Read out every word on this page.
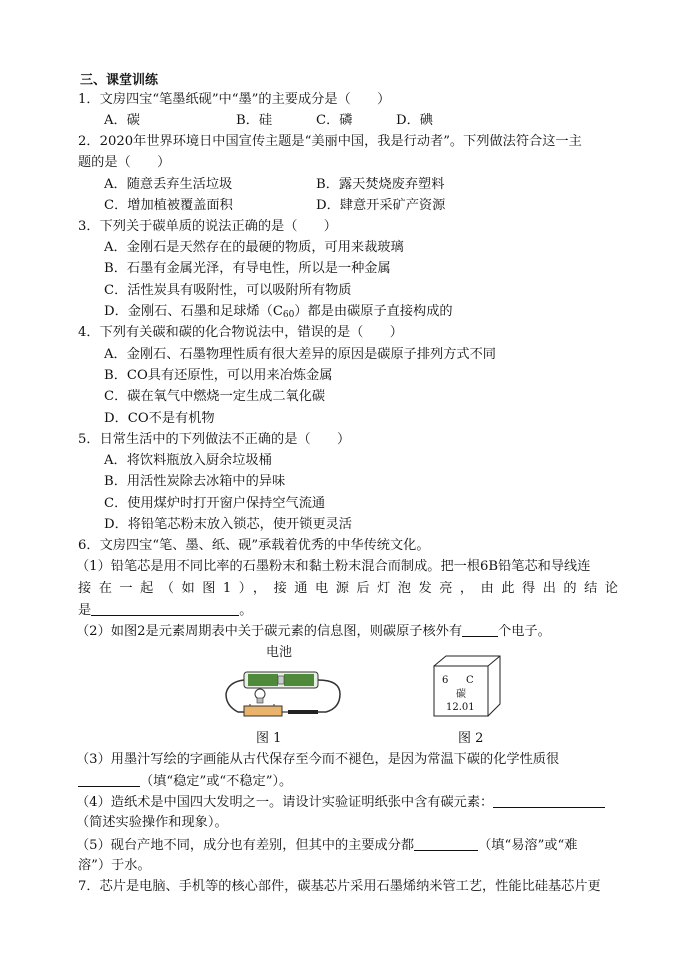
三、课堂训练
1．文房四宝“笔墨纸砚”中“墨”的主要成分是（　　）
A．碳	B．硅	C．磷	D．碘
2．2020年世界环境日中国宣传主题是“美丽中国，我是行动者”。下列做法符合这一主
题的是（　　）
A．随意丢弃生活垃圾	B．露天焚烧废弃塑料
C．增加植被覆盖面积	D．肆意开采矿产资源
3．下列关于碳单质的说法正确的是（　　）
A．金刚石是天然存在的最硬的物质，可用来裁玻璃
B．石墨有金属光泽，有导电性，所以是一种金属
C．活性炭具有吸附性，可以吸附所有物质
D．金刚石、石墨和足球烯$(C_{60})$都是由碳原子直接构成的
4．下列有关碳和碳的化合物说法中，错误的是（　　）
A．金刚石、石墨物理性质有很大差异的原因是碳原子排列方式不同
B．CO具有还原性，可以用来冶炼金属
C．碳在氧气中燃烧一定生成二氧化碳
D．CO不是有机物
5．日常生活中的下列做法不正确的是（　　）
A．将饮料瓶放入厨余垃圾桶
B．用活性炭除去冰箱中的异味
C．使用煤炉时打开窗户保持空气流通
D．将铅笔芯粉末放入锁芯，使开锁更灵活
6．文房四宝“笔、墨、纸、砚”承载着优秀的中华传统文化。
（1）铅笔芯是用不同比率的石墨粉末和黏土粉末混合而制成。把一根6B铅笔芯和导线连
接在一起（如图1），接通电源后灯泡发亮，由此得出的结论
是	。
（2）如图2是元素周期表中关于碳元素的信息图，则碳原子核外有	个电子。
电池
图 1
6 C
碳
12.01
图 2
（3）用墨汁写绘的字画能从古代保存至今而不褪色，是因为常温下碳的化学性质很
（填“稳定”或“不稳定”）。
（4）造纸术是中国四大发明之一。请设计实验证明纸张中含有碳元素：
（简述实验操作和现象）。
（5）砚台产地不同，成分也有差别，但其中的主要成分都	（填“易溶”或“难
溶”）于水。
7．芯片是电脑、手机等的核心部件，碳基芯片采用石墨烯纳米管工艺，性能比硅基芯片更
